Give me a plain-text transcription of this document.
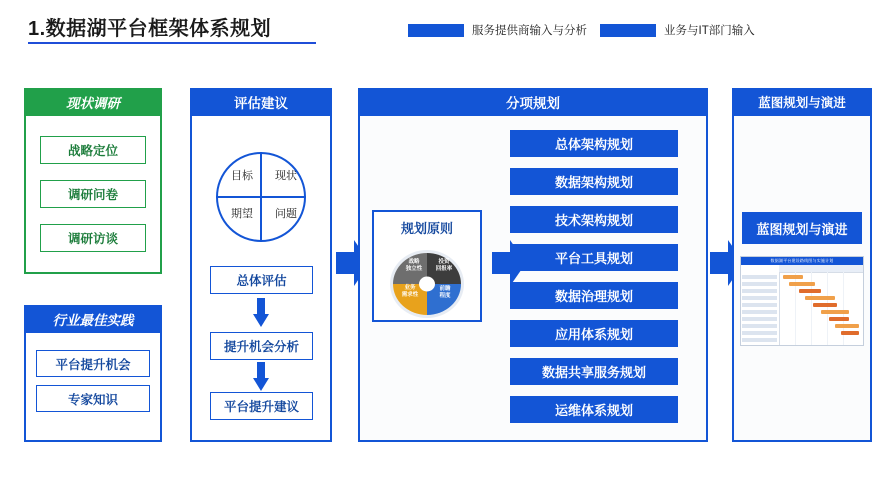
1.数据湖平台框架体系规划	服务提供商输入与分析	业务与IT部门输入
现状调研
战略定位
调研问卷
调研访谈
行业最佳实践
平台提升机会
专家知识
评估建议
目标	现状
期望	问题
总体评估
提升机会分析
平台提升建议
分项规划
规划原则
战略
独立性
投资
回报率
业务
需求性
前瞻
程度
总体架构规划
数据架构规划
技术架构规划
平台工具规划
数据治理规划
应用体系规划
数据共享服务规划
运维体系规划
蓝图规划与演进
蓝图规划与演进
数据湖平台建设路线图与实施计划
